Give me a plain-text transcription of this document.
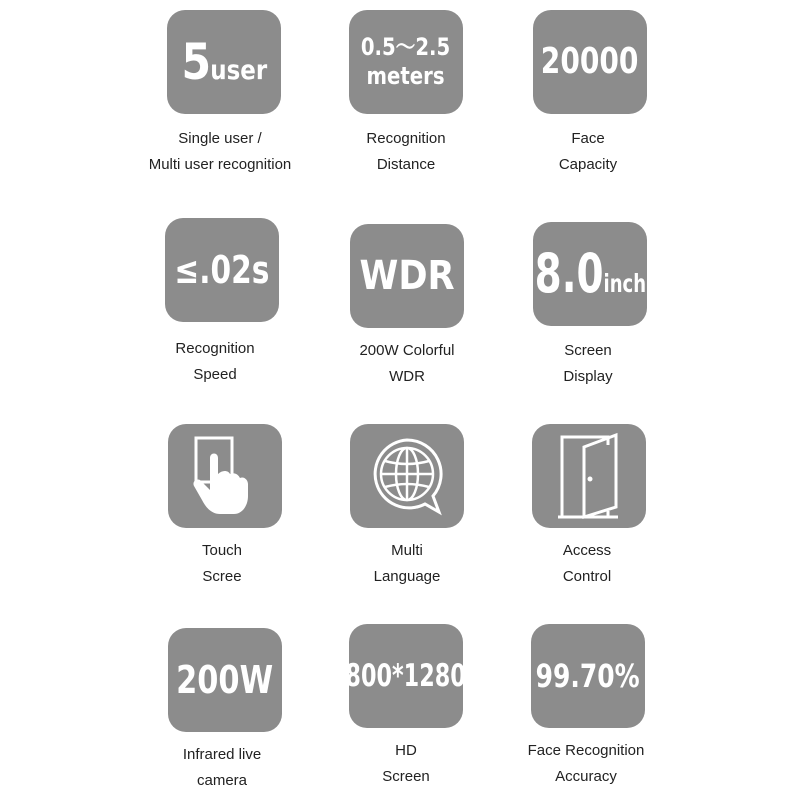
5user
Single user /
Multi user recognition
0.5～2.5
meters
Recognition
Distance
20000
Face
Capacity
≤.02s
Recognition
Speed
WDR
200W Colorful
WDR
8.0inch
Screen
Display
Touch
Scree
Multi
Language
Access
Control
200W
Infrared live
camera
800*1280
HD
Screen
99.70%
Face Recognition
Accuracy
